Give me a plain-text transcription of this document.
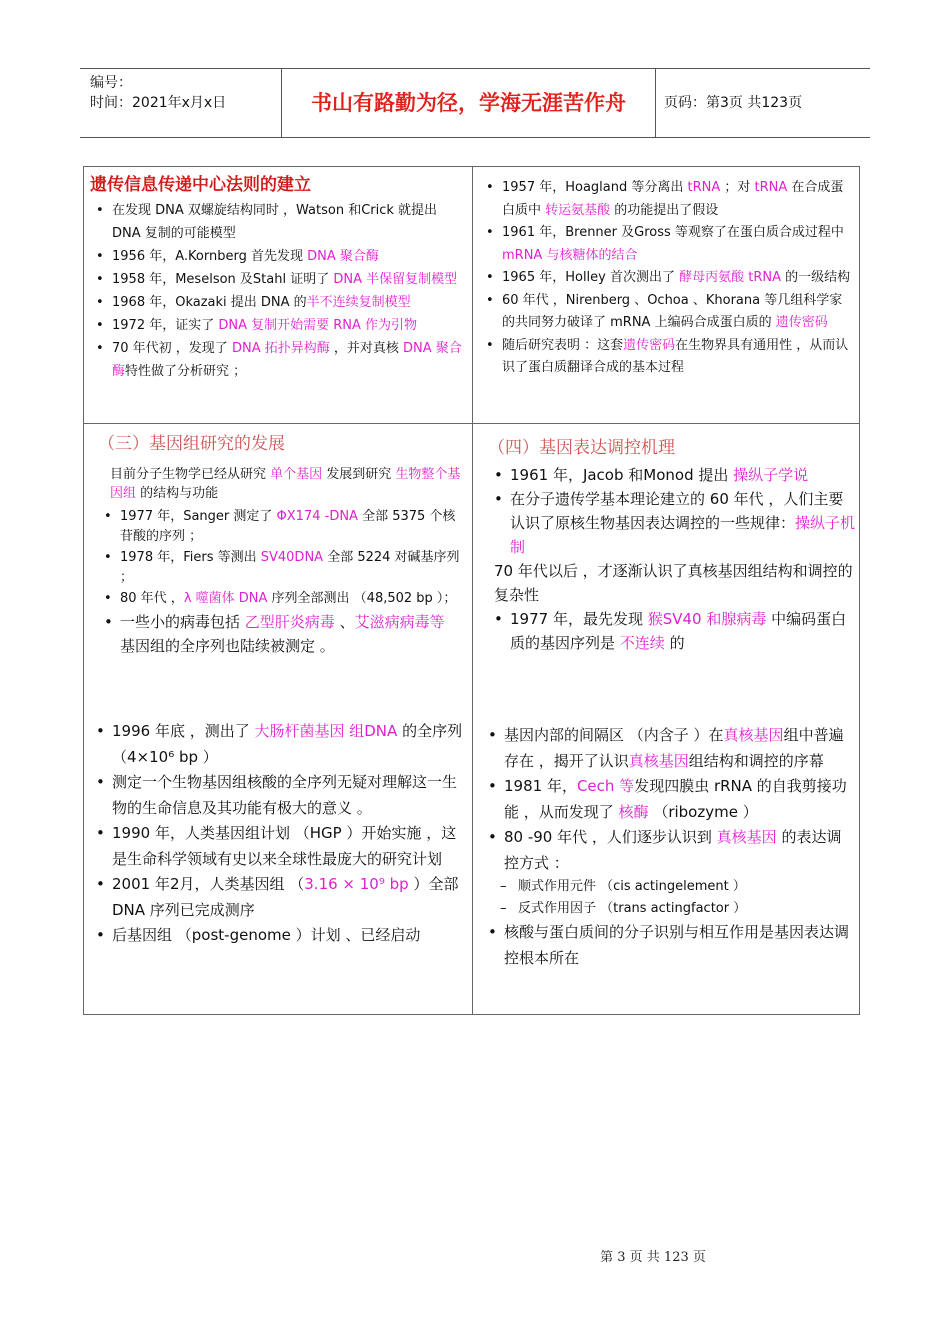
编号：
时间：2021年x月x日	书山有路勤为径，学海无涯苦作舟	页码：第3页 共123页
遗传信息传递中心法则的建立
• 在发现 DNA 双螺旋结构同时 ，Watson 和Crick 就提出 DNA 复制的可能模型
• 1956 年，A.Kornberg 首先发现 DNA 聚合酶
• 1958 年，Meselson 及Stahl 证明了 DNA 半保留复制模型
• 1968 年，Okazaki 提出 DNA 的半不连续复制模型
• 1972 年，证实了 DNA 复制开始需要 RNA 作为引物
• 70 年代初 ，发现了 DNA 拓扑异构酶 ，并对真核 DNA 聚合酶特性做了分析研究 ；
• 1957 年，Hoagland 等分离出 tRNA ；对 tRNA 在合成蛋白质中 转运氨基酸 的功能提出了假设
• 1961 年，Brenner 及Gross 等观察了在蛋白质合成过程中 mRNA 与核糖体的结合
• 1965 年，Holley 首次测出了 酵母丙氨酸 tRNA 的一级结构
• 60 年代 ，Nirenberg 、Ochoa 、Khorana 等几组科学家的共同努力破译了 mRNA 上编码合成蛋白质的 遗传密码
• 随后研究表明 ：这套遗传密码在生物界具有通用性 ，从而认识了蛋白质翻译合成的基本过程
（三）基因组研究的发展
目前分子生物学已经从研究 单个基因 发展到研究 生物整个基因组 的结构与功能
• 1977 年，Sanger 测定了 ΦX174 -DNA 全部 5375 个核苷酸的序列 ；
• 1978 年，Fiers 等测出 SV40DNA 全部 5224 对碱基序列 ；
• 80 年代 ，λ 噬菌体 DNA 序列全部测出 （48,502 bp ）；
• 一些小的病毒包括 乙型肝炎病毒 、艾滋病病毒等 基因组的全序列也陆续被测定 。
（四）基因表达调控机理
• 1961 年，Jacob 和Monod 提出 操纵子学说
• 在分子遗传学基本理论建立的 60 年代 ，人们主要认识了原核生物基因表达调控的一些规律：操纵子机制
70 年代以后 ，才逐渐认识了真核基因组结构和调控的复杂性
• 1977 年，最先发现 猴SV40 和腺病毒 中编码蛋白质的基因序列是 不连续 的
• 1996 年底 ，测出了 大肠杆菌基因 组DNA 的全序列（4×10⁶ bp ）
• 测定一个生物基因组核酸的全序列无疑对理解这一生物的生命信息及其功能有极大的意义 。
• 1990 年，人类基因组计划 （HGP ）开始实施 ，这是生命科学领域有史以来全球性最庞大的研究计划
• 2001 年2月，人类基因组 （3.16 × 10⁹ bp ）全部 DNA 序列已完成测序
• 后基因组 （post-genome ）计划 、已经启动
• 基因内部的间隔区 （内含子 ）在真核基因组中普遍存在 ，揭开了认识真核基因组结构和调控的序幕
• 1981 年，Cech 等发现四膜虫 rRNA 的自我剪接功能 ，从而发现了 核酶 （ribozyme ）
• 80 -90 年代 ，人们逐步认识到 真核基因 的表达调控方式 ：
– 顺式作用元件 （cis actingelement ）
– 反式作用因子 （trans actingfactor ）
• 核酸与蛋白质间的分子识别与相互作用是基因表达调控根本所在
第 3 页 共 123 页
